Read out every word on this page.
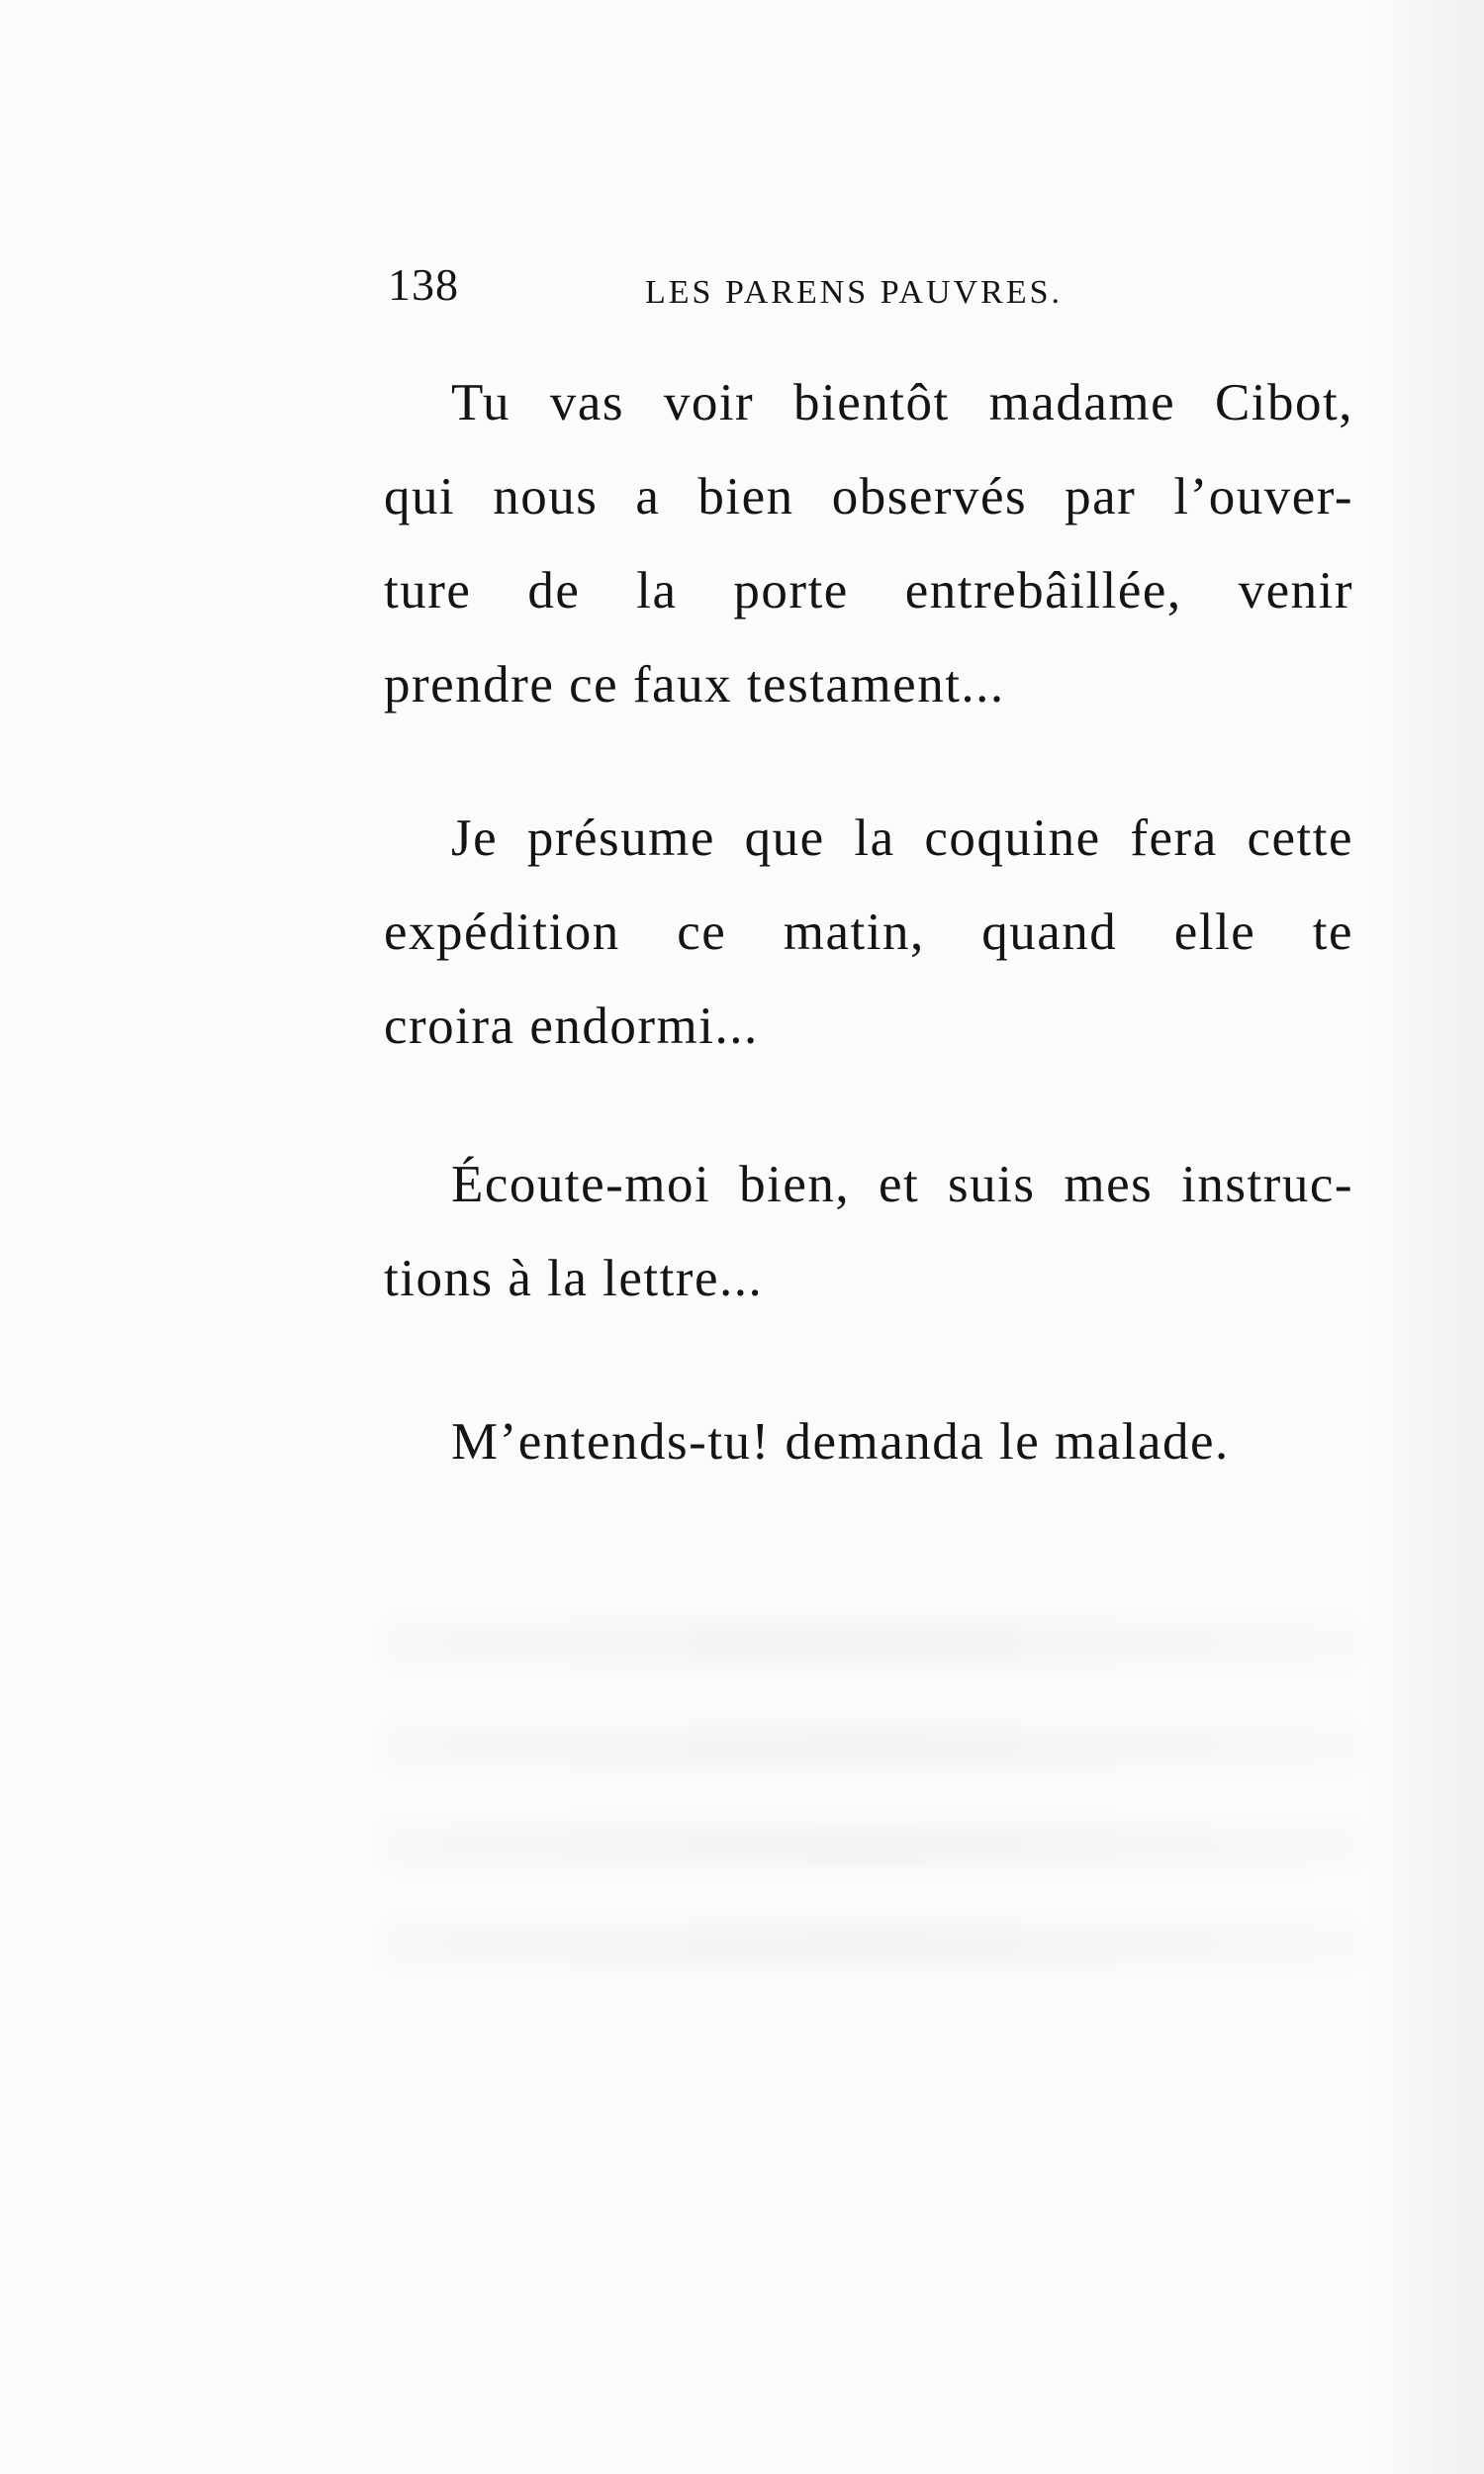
138	LES PARENS PAUVRES.
Tu vas voir bientôt madame Cibot,
qui nous a bien observés par l’ouver-
ture de la porte entrebâillée, venir
prendre ce faux testament...
Je présume que la coquine fera cette
expédition ce matin, quand elle te
croira endormi...
Écoute-moi bien, et suis mes instruc-
tions à la lettre...
M’entends-tu! demanda le malade.
